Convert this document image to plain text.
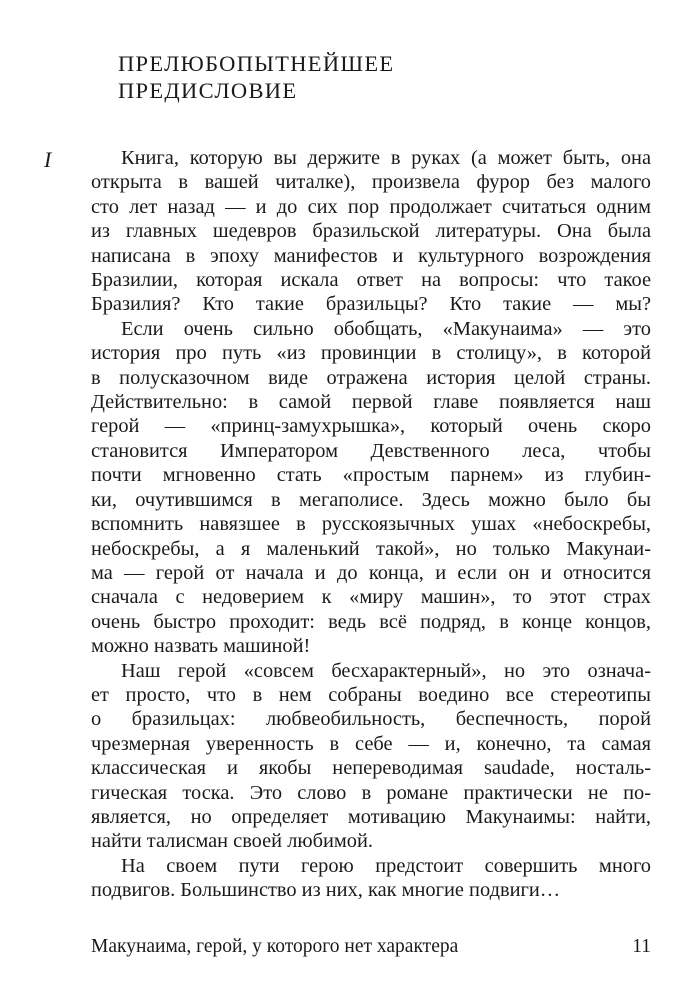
ПРЕЛЮБОПЫТНЕЙШЕЕ
ПРЕДИСЛОВИЕ
I	Книга, которую вы держите в руках (а может быть, она
открыта в вашей читалке), произвела фурор без малого
сто лет назад — и до сих пор продолжает считаться одним
из главных шедевров бразильской литературы. Она была
написана в эпоху манифестов и культурного возрождения
Бразилии, которая искала ответ на вопросы: что такое
Бразилия? Кто такие бразильцы? Кто такие — мы?
Если очень сильно обобщать, «Макунаима» — это
история про путь «из провинции в столицу», в которой
в полусказочном виде отражена история целой страны.
Действительно: в самой первой главе появляется наш
герой — «принц-замухрышка», который очень скоро
становится Императором Девственного леса, чтобы
почти мгновенно стать «простым парнем» из глубин-
ки, очутившимся в мегаполисе. Здесь можно было бы
вспомнить навязшее в русскоязычных ушах «небоскребы,
небоскребы, а я маленький такой», но только Макунаи-
ма — герой от начала и до конца, и если он и относится
сначала с недоверием к «миру машин», то этот страх
очень быстро проходит: ведь всё подряд, в конце концов,
можно назвать машиной!
Наш герой «совсем бесхарактерный», но это означа-
ет просто, что в нем собраны воедино все стереотипы
о бразильцах: любвеобильность, беспечность, порой
чрезмерная уверенность в себе — и, конечно, та самая
классическая и якобы непереводимая saudade, носталь-
гическая тоска. Это слово в романе практически не по-
является, но определяет мотивацию Макунаимы: найти,
найти талисман своей любимой.
На своем пути герою предстоит совершить много
подвигов. Большинство из них, как многие подвиги…
Макунаима, герой, у которого нет характера	11
